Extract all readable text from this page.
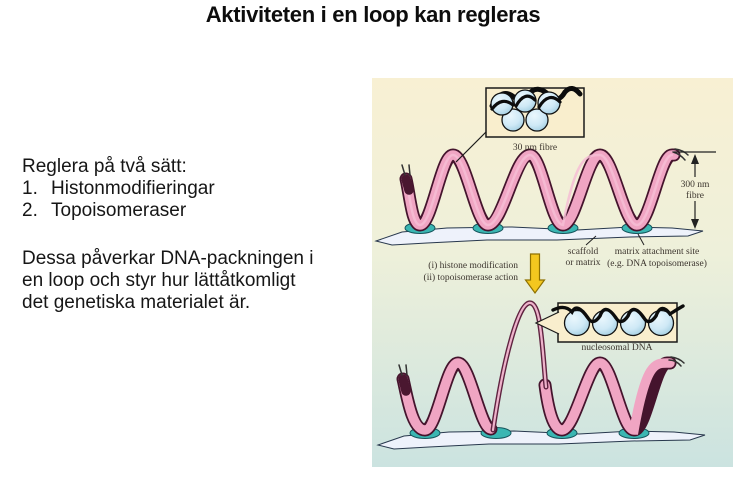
Aktiviteten i en loop kan regleras
Reglera på två sätt:
1. Histonmodifieringar
2. Topoisomeraser
Dessa påverkar DNA-packningen i
en loop och styr hur lättåtkomligt
det genetiska materialet är.
30 nm fibre
300 nm
fibre
scaffold
or matrix
matrix attachment site
(e.g. DNA topoisomerase)
(i) histone modification
(ii) topoisomerase action
nucleosomal DNA
